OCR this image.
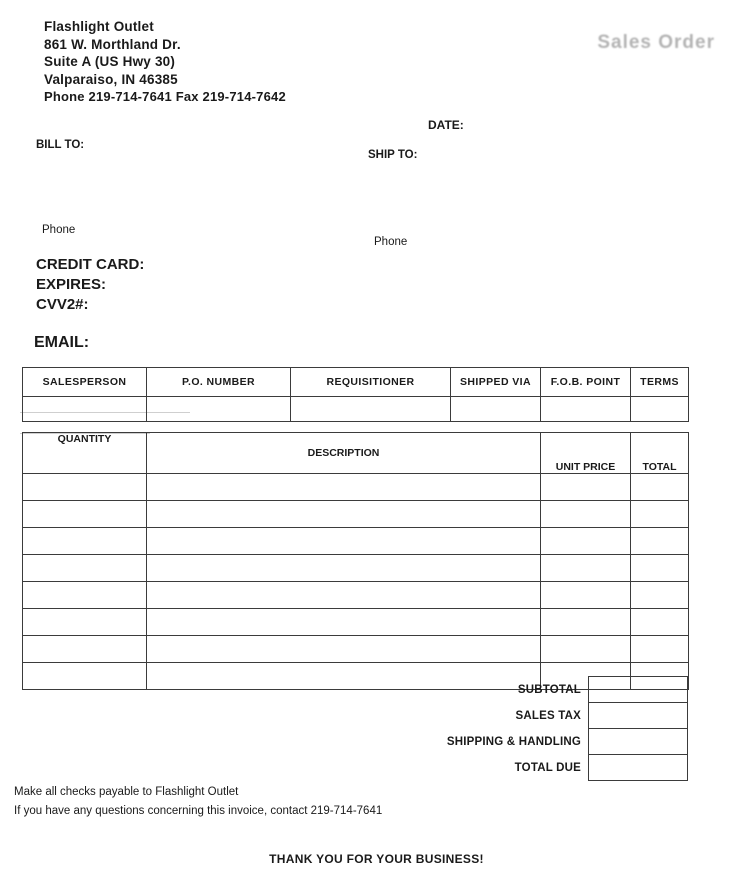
Flashlight Outlet
861 W. Morthland Dr.
Suite A (US Hwy 30)
Valparaiso, IN 46385
Phone 219-714-7641 Fax 219-714-7642
Sales Order
DATE:
BILL TO:
SHIP TO:
Phone
Phone
CREDIT CARD:
EXPIRES:
CVV2#:
EMAIL:
SALESPERSON	P.O. NUMBER	REQUISITIONER	SHIPPED VIA	F.O.B. POINT	TERMS

QUANTITY	DESCRIPTION		
		UNIT PRICE	TOTAL

SUBTOTAL	
SALES TAX	
SHIPPING & HANDLING	
TOTAL DUE	
Make all checks payable to Flashlight Outlet
If you have any questions concerning this invoice, contact 219-714-7641
THANK YOU FOR YOUR BUSINESS!
